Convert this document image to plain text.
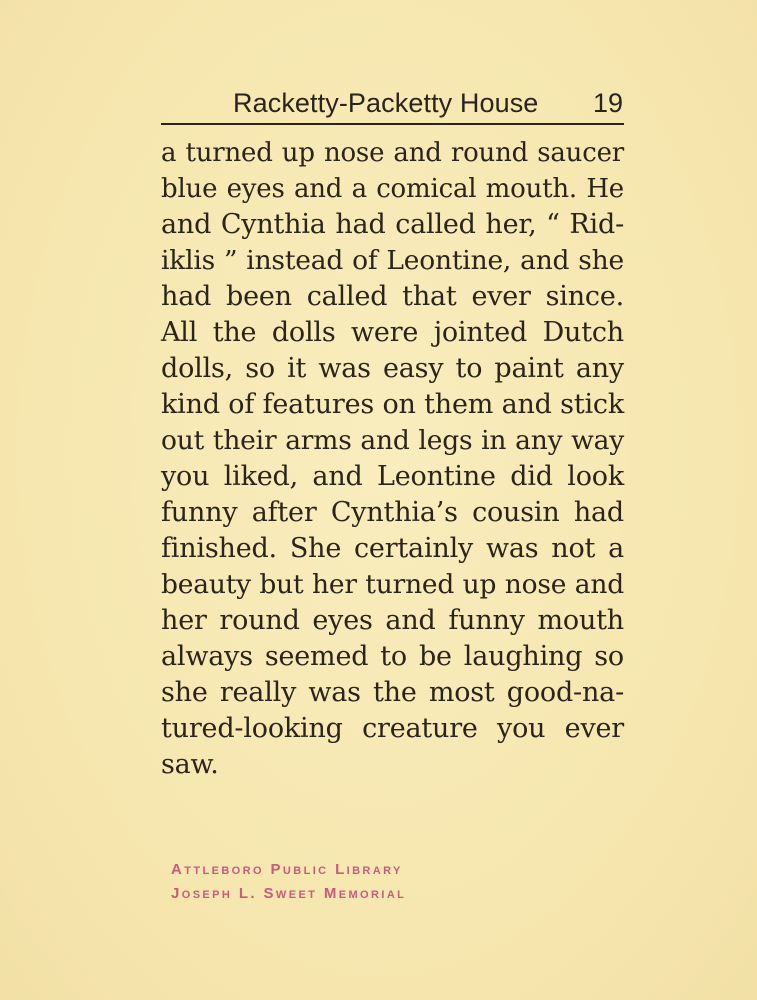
Racketty-Packetty House 19
a turned up nose and round saucer
blue eyes and a comical mouth. He
and Cynthia had called her, “ Rid-
iklis ” instead of Leontine, and she
had been called that ever since.
All the dolls were jointed Dutch
dolls, so it was easy to paint any
kind of features on them and stick
out their arms and legs in any way
you liked, and Leontine did look
funny after Cynthia’s cousin had
finished. She certainly was not a
beauty but her turned up nose and
her round eyes and funny mouth
always seemed to be laughing so
she really was the most good-na-
tured-looking creature you ever
saw.
Attleboro Public Library
Joseph L. Sweet Memorial
